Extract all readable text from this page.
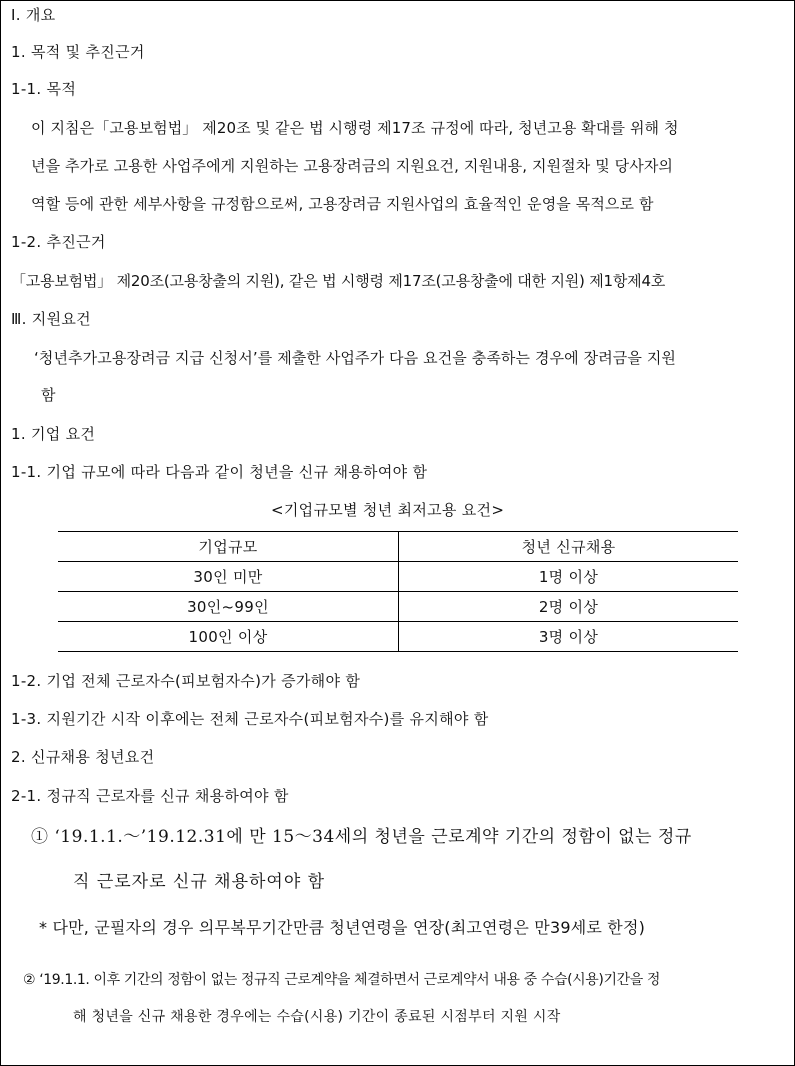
Ⅰ. 개요
1. 목적 및 추진근거
1-1. 목적
이 지침은「고용보험법」 제20조 및 같은 법 시행령 제17조 규정에 따라, 청년고용 확대를 위해 청
년을 추가로 고용한 사업주에게 지원하는 고용장려금의 지원요건, 지원내용, 지원절차 및 당사자의
역할 등에 관한 세부사항을 규정함으로써, 고용장려금 지원사업의 효율적인 운영을 목적으로 함
1-2. 추진근거
「고용보험법」 제20조(고용창출의 지원), 같은 법 시행령 제17조(고용창출에 대한 지원) 제1항제4호
Ⅲ. 지원요건
‘청년추가고용장려금 지급 신청서’를 제출한 사업주가 다음 요건을 충족하는 경우에 장려금을 지원
함
1. 기업 요건
1-1. 기업 규모에 따라 다음과 같이 청년을 신규 채용하여야 함
<기업규모별 청년 최저고용 요건>
기업규모	청년 신규채용
30인 미만	1명 이상
30인~99인	2명 이상
100인 이상	3명 이상
1-2. 기업 전체 근로자수(피보험자수)가 증가해야 함
1-3. 지원기간 시작 이후에는 전체 근로자수(피보험자수)를 유지해야 함
2. 신규채용 청년요건
2-1. 정규직 근로자를 신규 채용하여야 함
① ‘19.1.1.～’19.12.31에 만 15～34세의 청년을 근로계약 기간의 정함이 없는 정규
직 근로자로 신규 채용하여야 함
* 다만, 군필자의 경우 의무복무기간만큼 청년연령을 연장(최고연령은 만39세로 한정)
② ‘19.1.1. 이후 기간의 정함이 없는 정규직 근로계약을 체결하면서 근로계약서 내용 중 수습(시용)기간을 정
해 청년을 신규 채용한 경우에는 수습(시용) 기간이 종료된 시점부터 지원 시작
